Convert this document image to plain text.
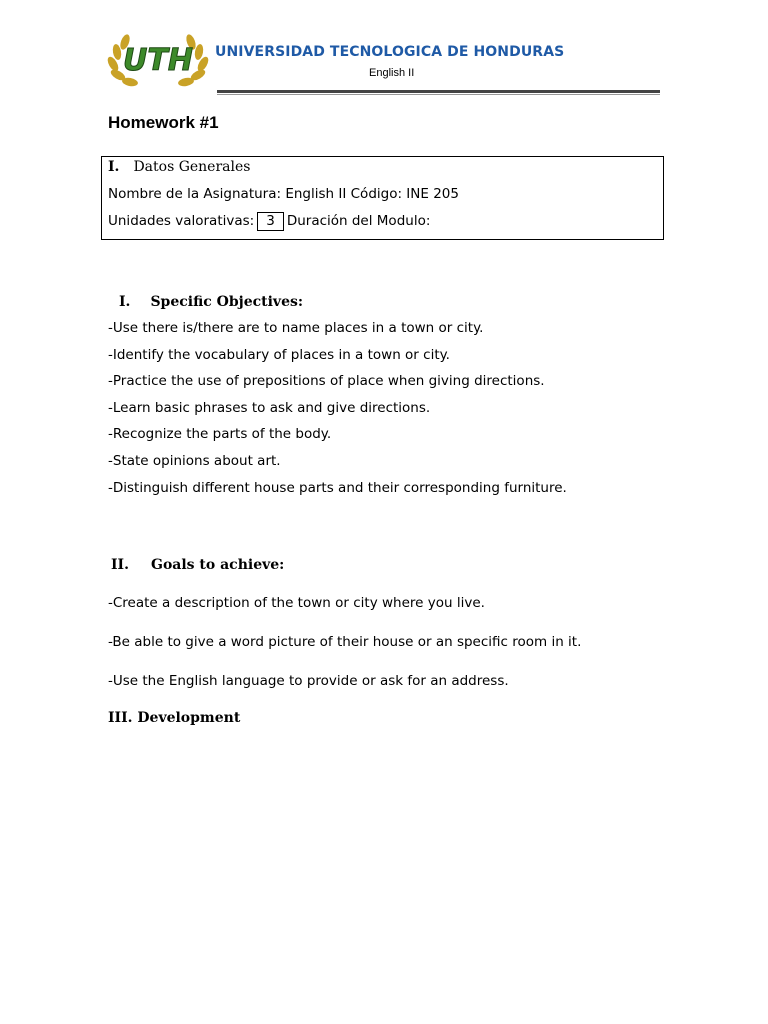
UTH UNIVERSIDAD TECNOLOGICA DE HONDURAS
English II
Homework #1
I. Datos Generales
Nombre de la Asignatura: English II Código: INE 205
Unidades valorativas: 3 Duración del Modulo:
I. Specific Objectives:
-Use there is/there are to name places in a town or city.
-Identify the vocabulary of places in a town or city.
-Practice the use of prepositions of place when giving directions.
-Learn basic phrases to ask and give directions.
-Recognize the parts of the body.
-State opinions about art.
-Distinguish different house parts and their corresponding furniture.
II. Goals to achieve:
-Create a description of the town or city where you live.
-Be able to give a word picture of their house or an specific room in it.
-Use the English language to provide or ask for an address.
III. Development
